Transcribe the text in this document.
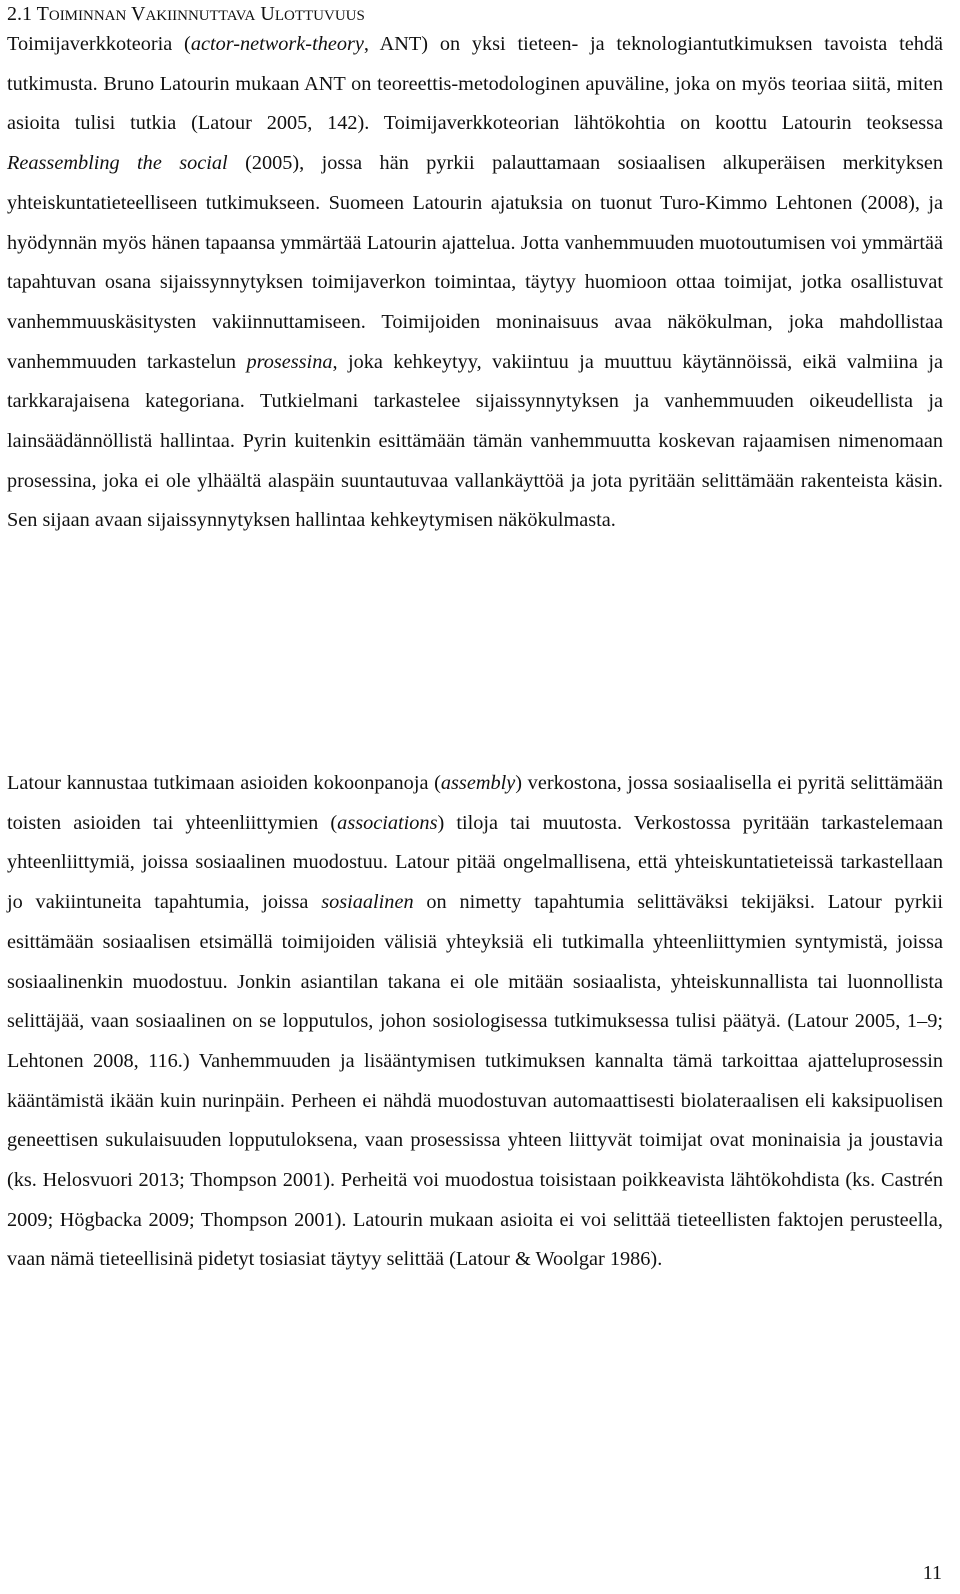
2.1 TOIMINNAN VAKIINNUTTAVA ULOTTUVUUS
Toimijaverkkoteoria (actor-network-theory, ANT) on yksi tieteen- ja teknologiantutkimuksen tavoista tehdä tutkimusta. Bruno Latourin mukaan ANT on teoreettis-metodologinen apuväline, joka on myös teoriaa siitä, miten asioita tulisi tutkia (Latour 2005, 142). Toimijaverkkoteorian lähtökohtia on koottu Latourin teoksessa Reassembling the social (2005), jossa hän pyrkii palauttamaan sosiaalisen alkuperäisen merkityksen yhteiskuntatieteelliseen tutkimukseen. Suomeen Latourin ajatuksia on tuonut Turo-Kimmo Lehtonen (2008), ja hyödynnän myös hänen tapaansa ymmärtää Latourin ajattelua. Jotta vanhemmuuden muotoutumisen voi ymmärtää tapahtuvan osana sijaissynnytyksen toimijaverkon toimintaa, täytyy huomioon ottaa toimijat, jotka osallistuvat vanhemmuuskäsitysten vakiinnuttamiseen. Toimijoiden moninaisuus avaa näkökulman, joka mahdollistaa vanhemmuuden tarkastelun prosessina, joka kehkeytyy, vakiintuu ja muuttuu käytännöissä, eikä valmiina ja tarkkarajaisena kategoriana. Tutkielmani tarkastelee sijaissynnytyksen ja vanhemmuuden oikeudellista ja lainsäädännöllistä hallintaa. Pyrin kuitenkin esittämään tämän vanhemmuutta koskevan rajaamisen nimenomaan prosessina, joka ei ole ylhäältä alaspäin suuntautuvaa vallankäyttöä ja jota pyritään selittämään rakenteista käsin. Sen sijaan avaan sijaissynnytyksen hallintaa kehkeytymisen näkökulmasta.
Latour kannustaa tutkimaan asioiden kokoonpanoja (assembly) verkostona, jossa sosiaalisella ei pyritä selittämään toisten asioiden tai yhteenliittymien (associations) tiloja tai muutosta. Verkostossa pyritään tarkastelemaan yhteenliittymiä, joissa sosiaalinen muodostuu. Latour pitää ongelmallisena, että yhteiskuntatieteissä tarkastellaan jo vakiintuneita tapahtumia, joissa sosiaalinen on nimetty tapahtumia selittäväksi tekijäksi. Latour pyrkii esittämään sosiaalisen etsimällä toimijoiden välisiä yhteyksiä eli tutkimalla yhteenliittymien syntymistä, joissa sosiaalinenkin muodostuu. Jonkin asiantilan takana ei ole mitään sosiaalista, yhteiskunnallista tai luonnollista selittäjää, vaan sosiaalinen on se lopputulos, johon sosiologisessa tutkimuksessa tulisi päätyä. (Latour 2005, 1–9; Lehtonen 2008, 116.) Vanhemmuuden ja lisääntymisen tutkimuksen kannalta tämä tarkoittaa ajatteluprosessin kääntämistä ikään kuin nurinpäin. Perheen ei nähdä muodostuvan automaattisesti biolateraalisen eli kaksipuolisen geneettisen sukulaisuuden lopputuloksena, vaan prosessissa yhteen liittyvät toimijat ovat moninaisia ja joustavia (ks. Helosvuori 2013; Thompson 2001). Perheitä voi muodostua toisistaan poikkeavista lähtökohdista (ks. Castrén 2009; Högbacka 2009; Thompson 2001). Latourin mukaan asioita ei voi selittää tieteellisten faktojen perusteella, vaan nämä tieteellisinä pidetyt tosiasiat täytyy selittää (Latour & Woolgar 1986).
11
